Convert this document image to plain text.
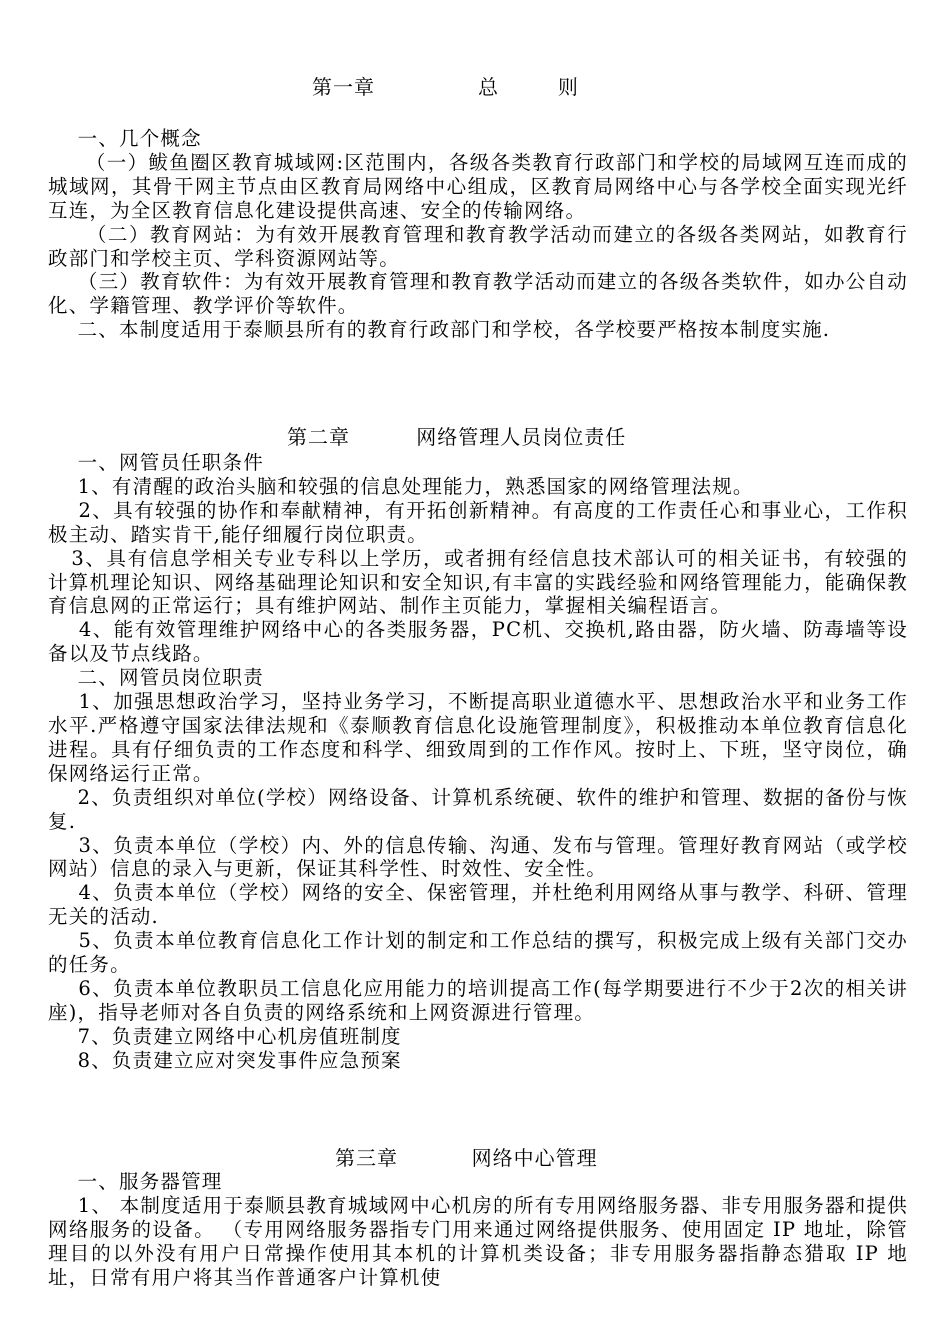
第一章              总        则
一、几个概念
（一）鲅鱼圈区教育城域网:区范围内，各级各类教育行政部门和学校的局域网互连而成的城域网，其骨干网主节点由区教育局网络中心组成，区教育局网络中心与各学校全面实现光纤互连，为全区教育信息化建设提供高速、安全的传输网络。
（二）教育网站：为有效开展教育管理和教育教学活动而建立的各级各类网站，如教育行政部门和学校主页、学科资源网站等。
（三）教育软件：为有效开展教育管理和教育教学活动而建立的各级各类软件，如办公自动化、学籍管理、教学评价等软件。
二、本制度适用于泰顺县所有的教育行政部门和学校，各学校要严格按本制度实施.
第二章         网络管理人员岗位责任
一、网管员任职条件
1、有清醒的政治头脑和较强的信息处理能力，熟悉国家的网络管理法规。
2、具有较强的协作和奉献精神，有开拓创新精神。有高度的工作责任心和事业心，工作积极主动、踏实肯干,能仔细履行岗位职责。
3、具有信息学相关专业专科以上学历，或者拥有经信息技术部认可的相关证书，有较强的计算机理论知识、网络基础理论知识和安全知识,有丰富的实践经验和网络管理能力，能确保教育信息网的正常运行；具有维护网站、制作主页能力，掌握相关编程语言。
4、能有效管理维护网络中心的各类服务器，PC机、交换机,路由器，防火墙、防毒墙等设备以及节点线路。
二、网管员岗位职责
1、加强思想政治学习，坚持业务学习，不断提高职业道德水平、思想政治水平和业务工作水平.严格遵守国家法律法规和《泰顺教育信息化设施管理制度》，积极推动本单位教育信息化进程。具有仔细负责的工作态度和科学、细致周到的工作作风。按时上、下班，坚守岗位，确保网络运行正常。
2、负责组织对单位(学校）网络设备、计算机系统硬、软件的维护和管理、数据的备份与恢复.
3、负责本单位（学校）内、外的信息传输、沟通、发布与管理。管理好教育网站（或学校网站）信息的录入与更新，保证其科学性、时效性、安全性。
4、负责本单位（学校）网络的安全、保密管理，并杜绝利用网络从事与教学、科研、管理无关的活动.
5、负责本单位教育信息化工作计划的制定和工作总结的撰写，积极完成上级有关部门交办的任务。
6、负责本单位教职员工信息化应用能力的培训提高工作(每学期要进行不少于2次的相关讲座)，指导老师对各自负责的网络系统和上网资源进行管理。
7、负责建立网络中心机房值班制度
8、负责建立应对突发事件应急预案
第三章          网络中心管理
一、服务器管理
1、 本制度适用于泰顺县教育城域网中心机房的所有专用网络服务器、非专用服务器和提供网络服务的设备。 （专用网络服务器指专门用来通过网络提供服务、使用固定 IP 地址，除管理目的以外没有用户日常操作使用其本机的计算机类设备；非专用服务器指静态猎取 IP 地址，日常有用户将其当作普通客户计算机使
